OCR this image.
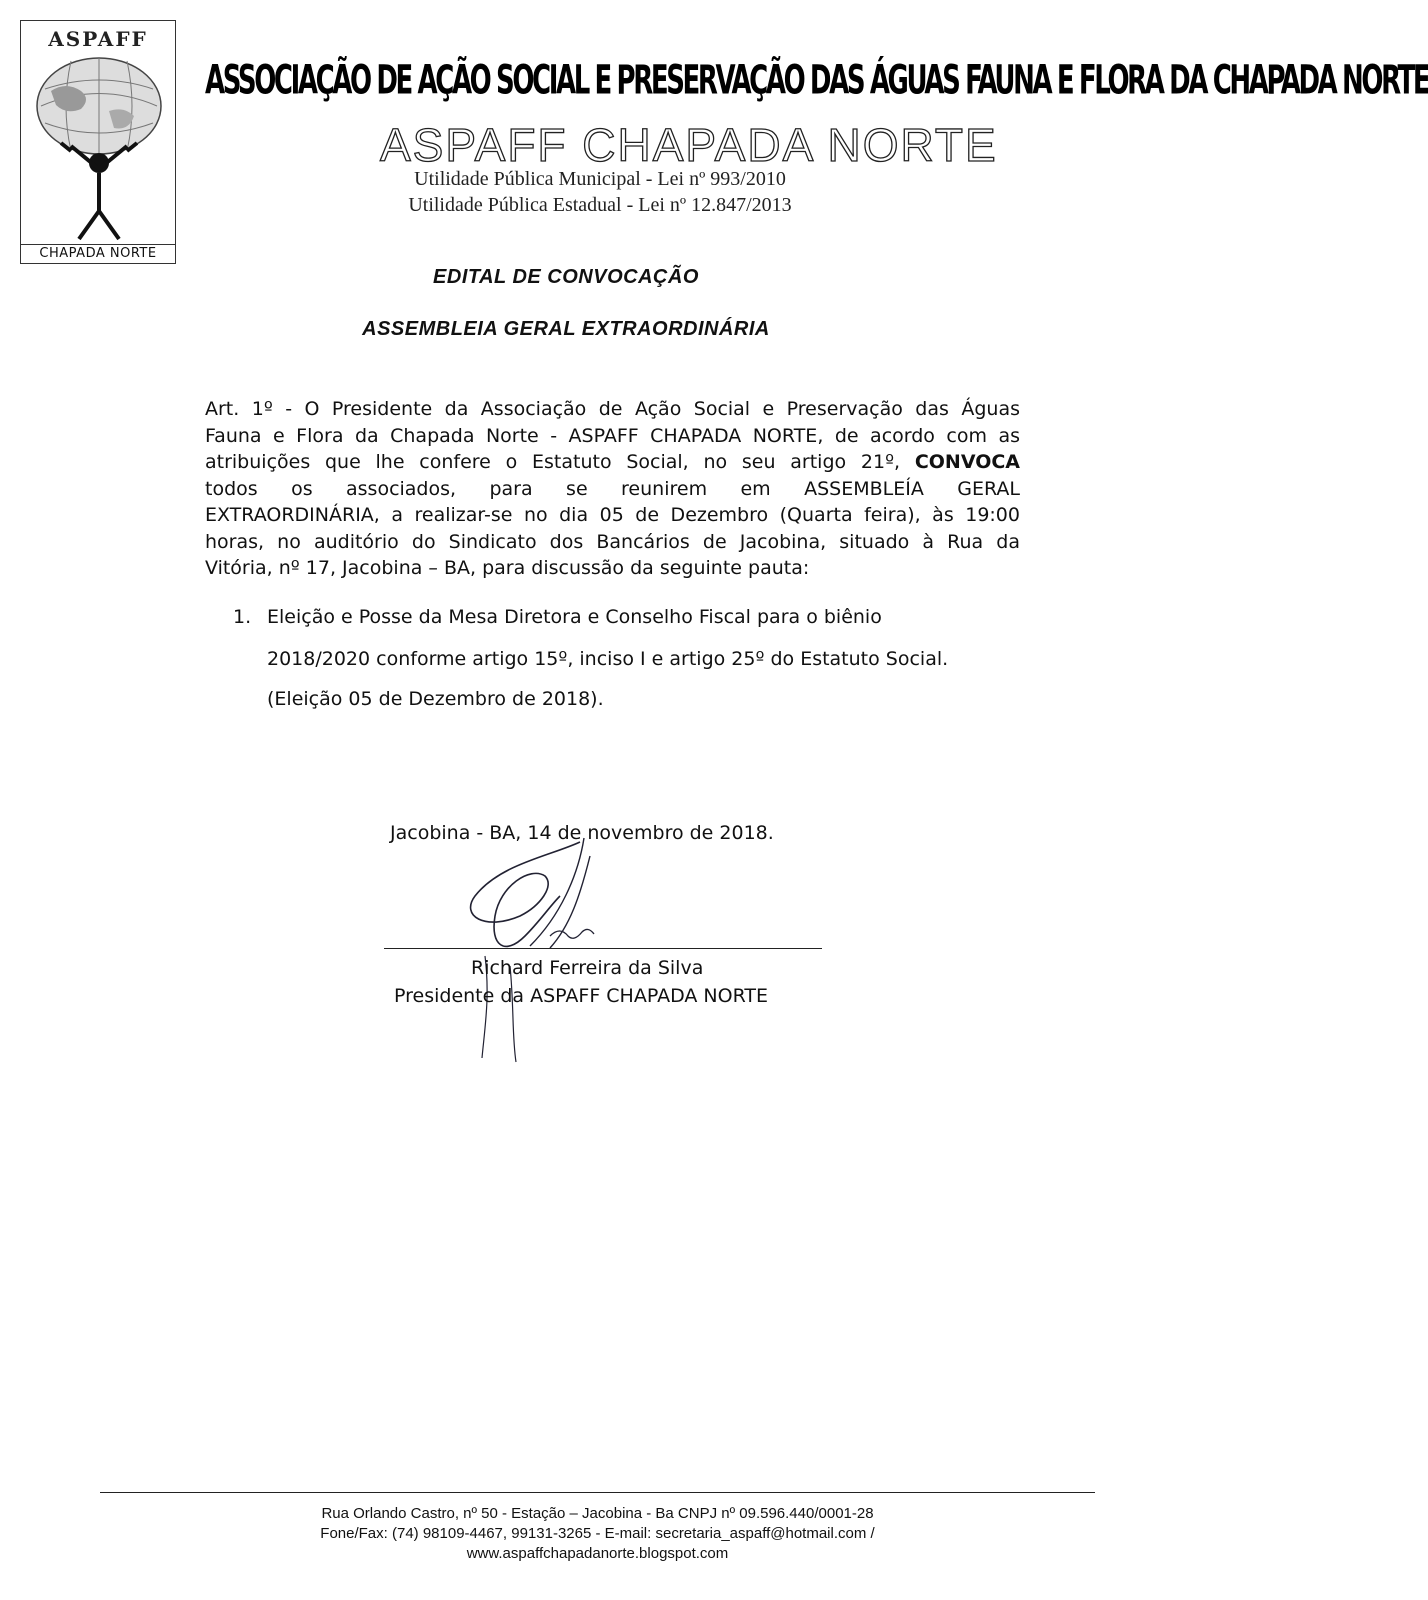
ASPAFF
CHAPADA NORTE
ASSOCIAÇÃO DE AÇÃO SOCIAL E PRESERVAÇÃO DAS ÁGUAS FAUNA E FLORA DA CHAPADA NORTE
ASPAFF CHAPADA NORTE
Utilidade Pública Municipal - Lei nº 993/2010
Utilidade Pública Estadual - Lei nº 12.847/2013
EDITAL DE CONVOCAÇÃO
ASSEMBLEIA GERAL EXTRAORDINÁRIA
Art. 1º - O Presidente da Associação de Ação Social e Preservação das Águas
Fauna e Flora da Chapada Norte - ASPAFF CHAPADA NORTE, de acordo com as
atribuições que lhe confere o Estatuto Social, no seu artigo 21º, CONVOCA
todos os associados, para se reunirem em ASSEMBLEÍA GERAL
EXTRAORDINÁRIA, a realizar-se no dia 05 de Dezembro (Quarta feira), às 19:00
horas, no auditório do Sindicato dos Bancários de Jacobina, situado à Rua da
Vitória, nº 17, Jacobina – BA, para discussão da seguinte pauta:
1. Eleição e Posse da Mesa Diretora e Conselho Fiscal para o biênio
2018/2020 conforme artigo 15º, inciso I e artigo 25º do Estatuto Social.
(Eleição 05 de Dezembro de 2018).
Jacobina - BA, 14 de novembro de 2018.
Richard Ferreira da Silva
Presidente da ASPAFF CHAPADA NORTE
Rua Orlando Castro, nº 50 - Estação – Jacobina - Ba CNPJ nº 09.596.440/0001-28
Fone/Fax: (74) 98109-4467, 99131-3265 - E-mail: secretaria_aspaff@hotmail.com /
www.aspaffchapadanorte.blogspot.com
